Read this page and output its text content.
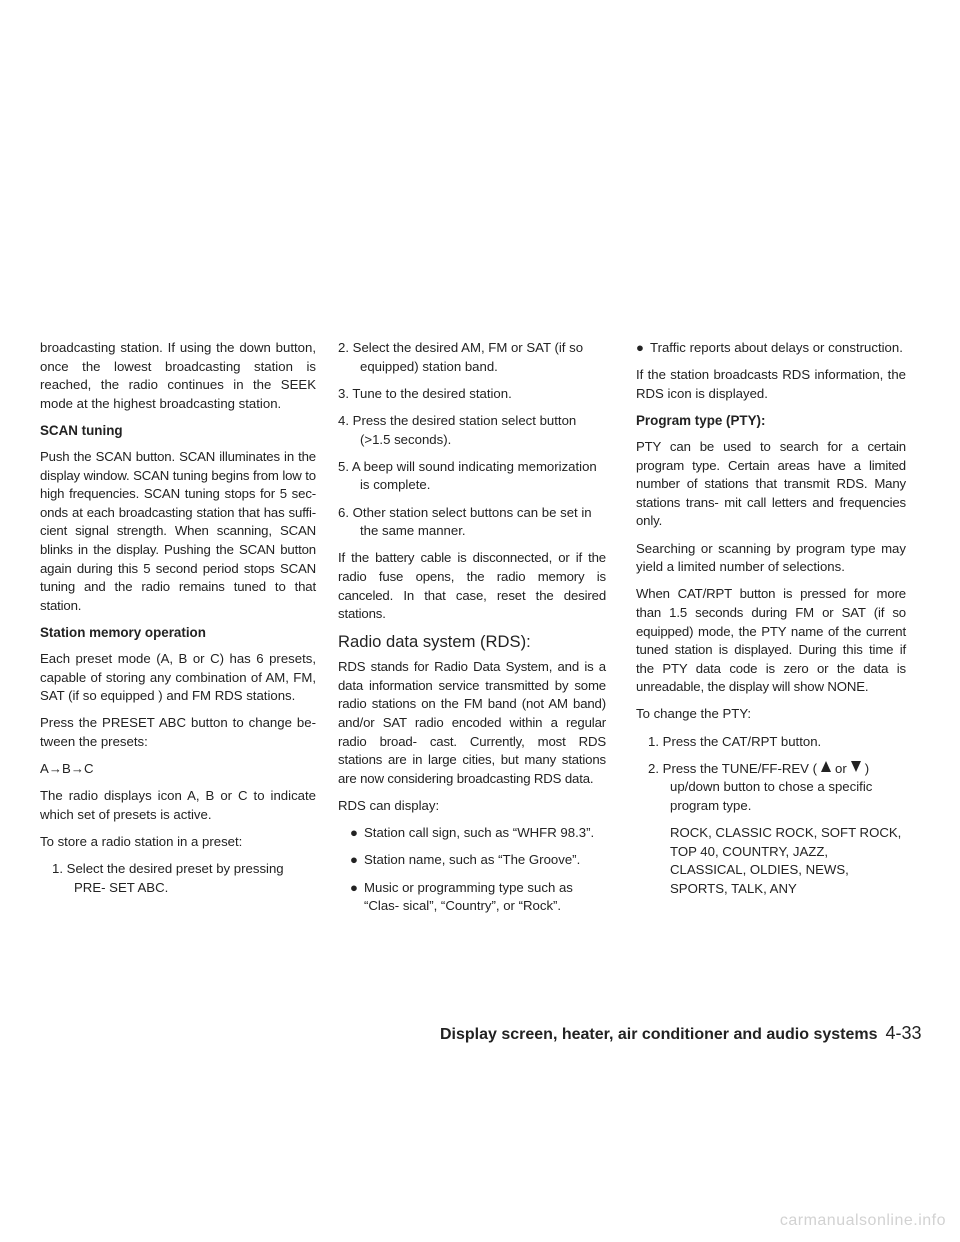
broadcasting station. If using the down button, once the lowest broadcasting station is reached, the radio continues in the SEEK mode at the highest broadcasting station.

SCAN tuning

Push the SCAN button. SCAN illuminates in the display window. SCAN tuning begins from low to high frequencies. SCAN tuning stops for 5 sec- onds at each broadcasting station that has suffi- cient signal strength. When scanning, SCAN blinks in the display. Pushing the SCAN button again during this 5 second period stops SCAN tuning and the radio remains tuned to that station.

Station memory operation

Each preset mode (A, B or C) has 6 presets, capable of storing any combination of AM, FM, SAT (if so equipped ) and FM RDS stations.

Press the PRESET ABC button to change be- tween the presets:

A→B→C

The radio displays icon A, B or C to indicate which set of presets is active.

To store a radio station in a preset:

1. Select the desired preset by pressing PRE- SET ABC.

2. Select the desired AM, FM or SAT (if so equipped) station band.

3. Tune to the desired station.

4. Press the desired station select button (>1.5 seconds).

5. A beep will sound indicating memorization is complete.

6. Other station select buttons can be set in the same manner.

If the battery cable is disconnected, or if the radio fuse opens, the radio memory is canceled. In that case, reset the desired stations.

Radio data system (RDS):

RDS stands for Radio Data System, and is a data information service transmitted by some radio stations on the FM band (not AM band) and/or SAT radio encoded within a regular radio broad- cast. Currently, most RDS stations are in large cities, but many stations are now considering broadcasting RDS data.

RDS can display:

● Station call sign, such as “WHFR 98.3”.
● Station name, such as “The Groove”.
● Music or programming type such as “Clas- sical”, “Country”, or “Rock”.
● Traffic reports about delays or construction.

If the station broadcasts RDS information, the RDS icon is displayed.

Program type (PTY):

PTY can be used to search for a certain program type. Certain areas have a limited number of stations that transmit RDS. Many stations trans- mit call letters and frequencies only.

Searching or scanning by program type may yield a limited number of selections.

When CAT/RPT button is pressed for more than 1.5 seconds during FM or SAT (if so equipped) mode, the PTY name of the current tuned station is displayed. During this time if the PTY data code is zero or the data is unreadable, the display will show NONE.

To change the PTY:

1. Press the CAT/RPT button.

2. Press the TUNE/FF-REV ( or ) up/down button to chose a specific program type.

ROCK, CLASSIC ROCK, SOFT ROCK, TOP 40, COUNTRY, JAZZ, CLASSICAL, OLDIES, NEWS, SPORTS, TALK, ANY

Display screen, heater, air conditioner and audio systems 4-33
carmanualsonline.info
